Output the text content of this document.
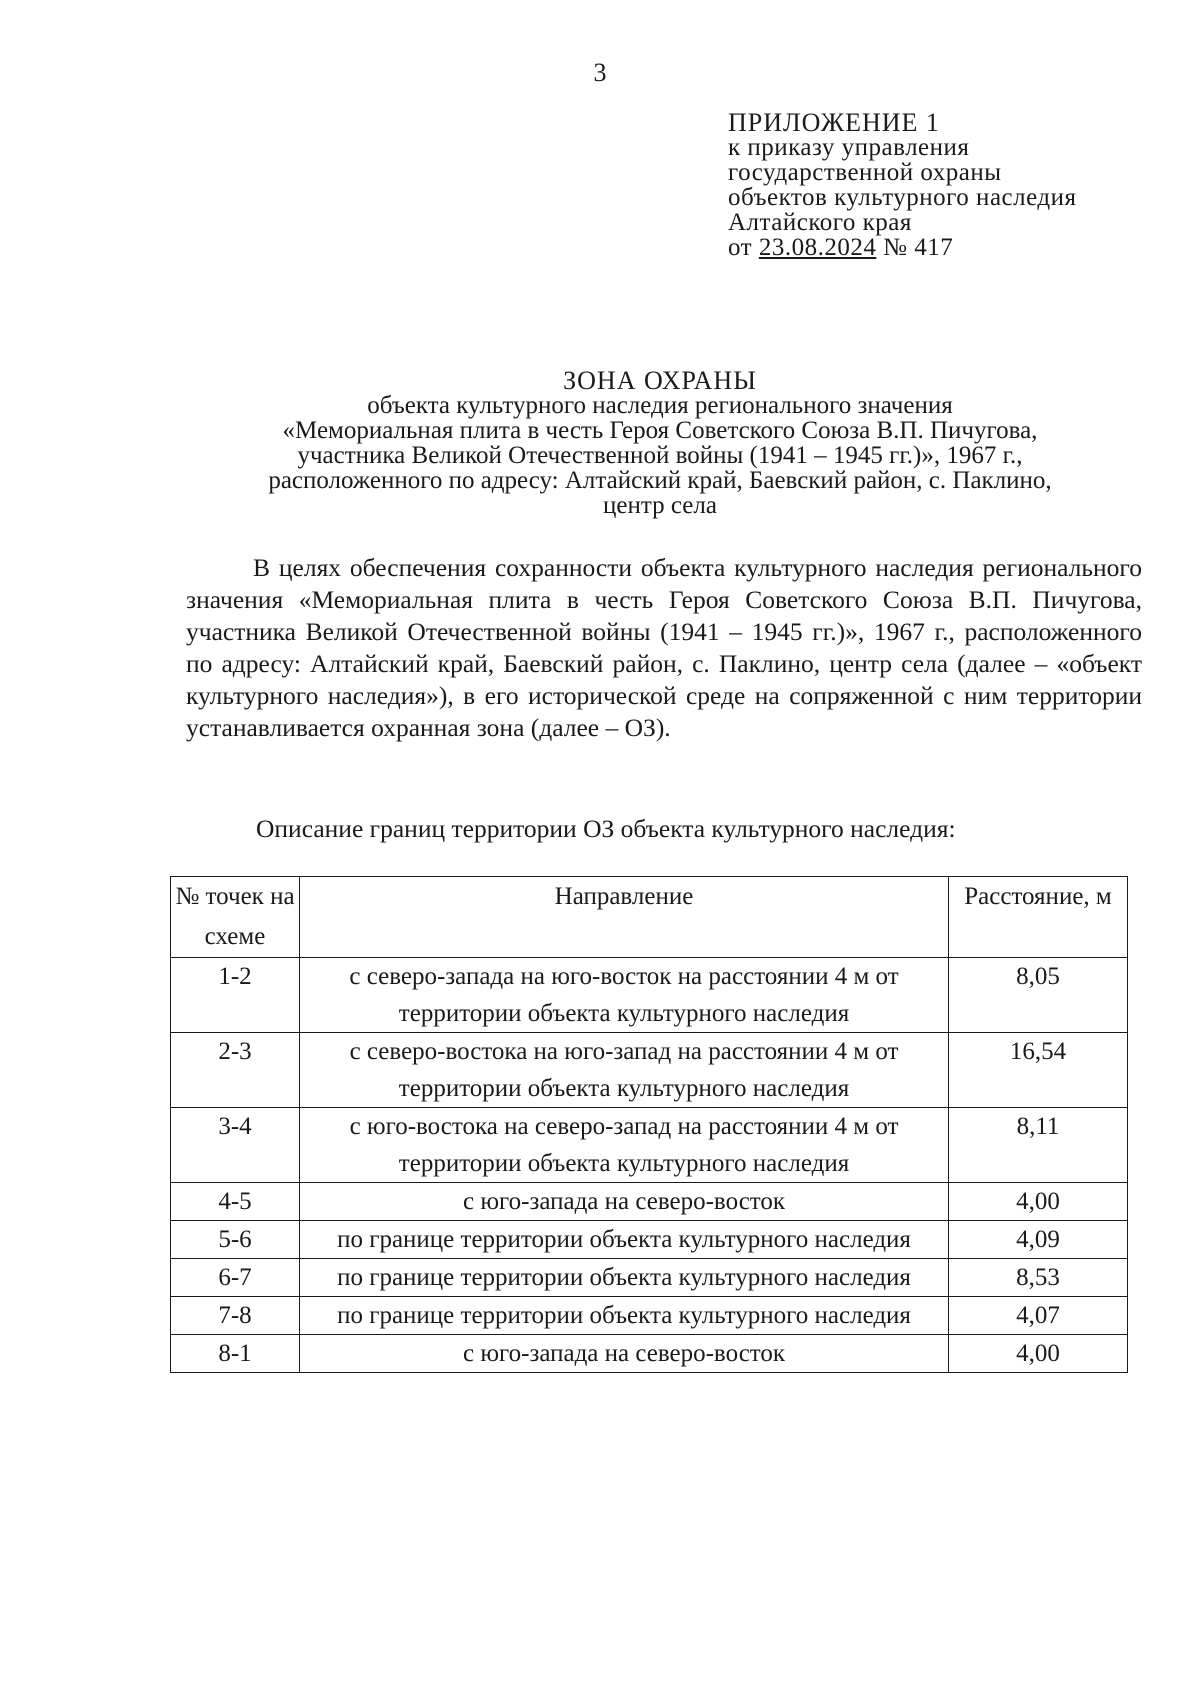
3
ПРИЛОЖЕНИЕ 1
к приказу управления
государственной охраны
объектов культурного наследия
Алтайского края
от 23.08.2024 № 417
ЗОНА ОХРАНЫ
объекта культурного наследия регионального значения
«Мемориальная плита в честь Героя Советского Союза В.П. Пичугова,
участника Великой Отечественной войны (1941 – 1945 гг.)», 1967 г.,
расположенного по адресу: Алтайский край, Баевский район, с. Паклино,
центр села

В целях обеспечения сохранности объекта культурного наследия регионального значения «Мемориальная плита в честь Героя Советского Союза В.П. Пичугова, участника Великой Отечественной войны (1941 – 1945 гг.)», 1967 г., расположенного по адресу: Алтайский край, Баевский район, с. Паклино, центр села (далее – «объект культурного наследия»), в его исторической среде на сопряженной с ним территории устанавливается охранная зона (далее – ОЗ).

Описание границ территории ОЗ объекта культурного наследия:
№ точек на схеме	Направление	Расстояние, м
1-2	с северо-запада на юго-восток на расстоянии 4 м от территории объекта культурного наследия	8,05
2-3	с северо-востока на юго-запад на расстоянии 4 м от территории объекта культурного наследия	16,54
3-4	с юго-востока на северо-запад на расстоянии 4 м от территории объекта культурного наследия	8,11
4-5	с юго-запада на северо-восток	4,00
5-6	по границе территории объекта культурного наследия	4,09
6-7	по границе территории объекта культурного наследия	8,53
7-8	по границе территории объекта культурного наследия	4,07
8-1	с юго-запада на северо-восток	4,00
